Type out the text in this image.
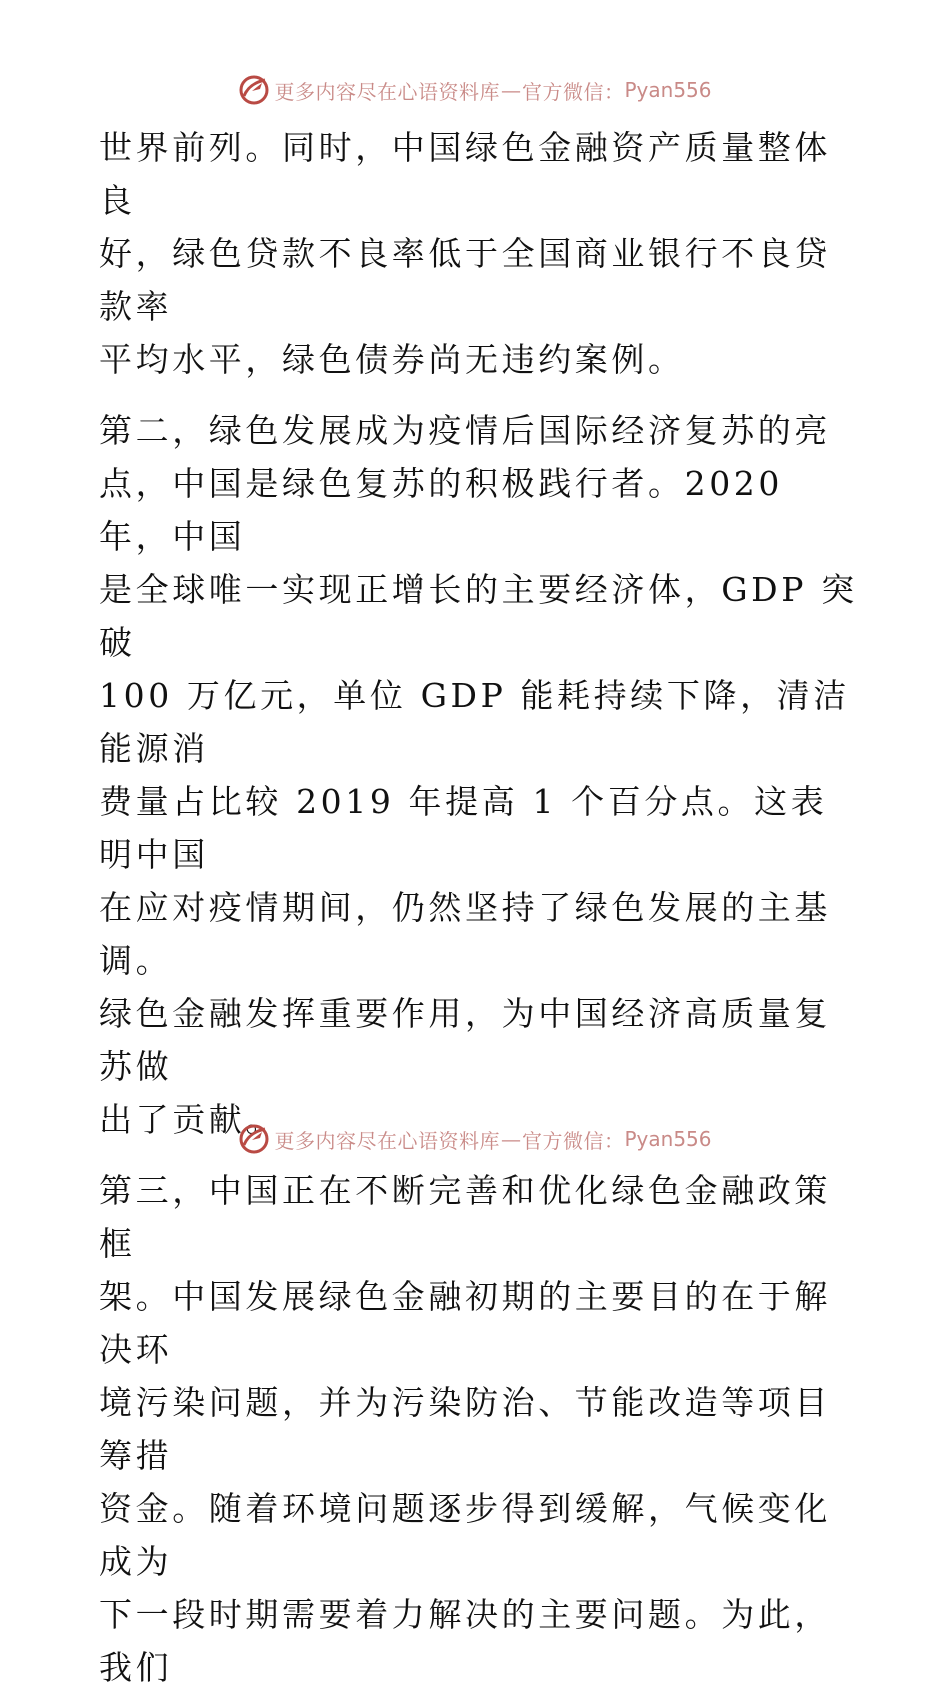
更多内容尽在心语资料库 — 官方微信： Pyan556

世界前列。同时，中国绿色金融资产质量整体良
好，绿色贷款不良率低于全国商业银行不良贷款率
平均水平，绿色债券尚无违约案例。

第二，绿色发展成为疫情后国际经济复苏的亮
点，中国是绿色复苏的积极践行者。2020 年，中国
是全球唯一实现正增长的主要经济体，GDP 突破
100 万亿元，单位 GDP 能耗持续下降，清洁能源消
费量占比较 2019 年提高 1 个百分点。这表明中国
在应对疫情期间，仍然坚持了绿色发展的主基调。
绿色金融发挥重要作用，为中国经济高质量复苏做
出了贡献。

第三，中国正在不断完善和优化绿色金融政策框
架。中国发展绿色金融初期的主要目的在于解决环
境污染问题，并为污染防治、节能改造等项目筹措
资金。随着环境问题逐步得到缓解，气候变化成为
下一段时期需要着力解决的主要问题。为此，我们

更多内容尽在心语资料库 — 官方微信： Pyan556
